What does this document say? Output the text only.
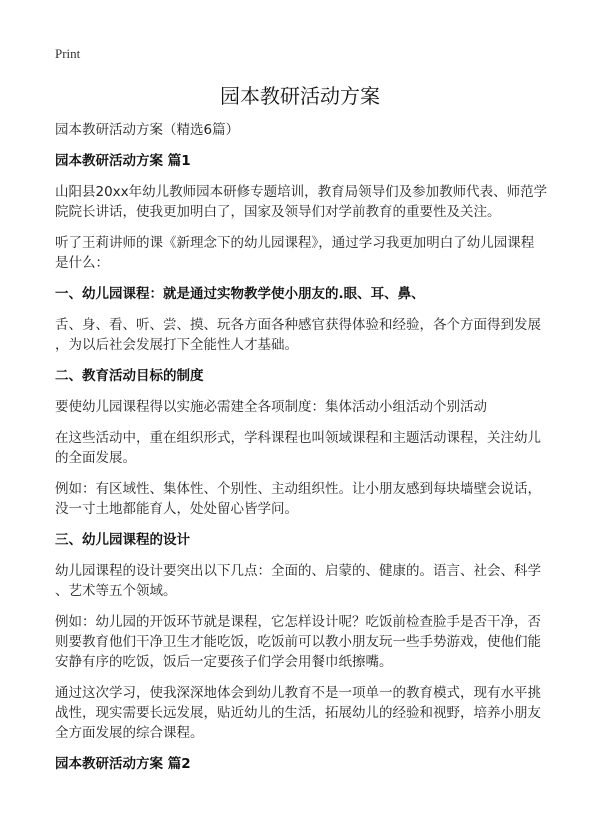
Print
园本教研活动方案
园本教研活动方案（精选6篇）
园本教研活动方案 篇1
山阳县20xx年幼儿教师园本研修专题培训，教育局领导们及参加教师代表、师范学
院院长讲话，使我更加明白了，国家及领导们对学前教育的重要性及关注。
听了王莉讲师的课《新理念下的幼儿园课程》，通过学习我更加明白了幼儿园课程
是什么：
一、幼儿园课程：就是通过实物教学使小朋友的.眼、耳、鼻、
舌、身、看、听、尝、摸、玩各方面各种感官获得体验和经验，各个方面得到发展
，为以后社会发展打下全能性人才基础。
二、教育活动目标的制度
要使幼儿园课程得以实施必需建全各项制度：集体活动小组活动个别活动
在这些活动中，重在组织形式，学科课程也叫领域课程和主题活动课程，关注幼儿
的全面发展。
例如：有区域性、集体性、个别性、主动组织性。让小朋友感到每块墙壁会说话，
没一寸土地都能育人，处处留心皆学问。
三、幼儿园课程的设计
幼儿园课程的设计要突出以下几点：全面的、启蒙的、健康的。语言、社会、科学
、艺术等五个领域。
例如：幼儿园的开饭环节就是课程，它怎样设计呢？吃饭前检查脸手是否干净，否
则要教育他们干净卫生才能吃饭，吃饭前可以教小朋友玩一些手势游戏，使他们能
安静有序的吃饭，饭后一定要孩子们学会用餐巾纸擦嘴。
通过这次学习，使我深深地体会到幼儿教育不是一项单一的教育模式，现有水平挑
战性，现实需要长远发展，贴近幼儿的生活，拓展幼儿的经验和视野，培养小朋友
全方面发展的综合课程。
园本教研活动方案 篇2
